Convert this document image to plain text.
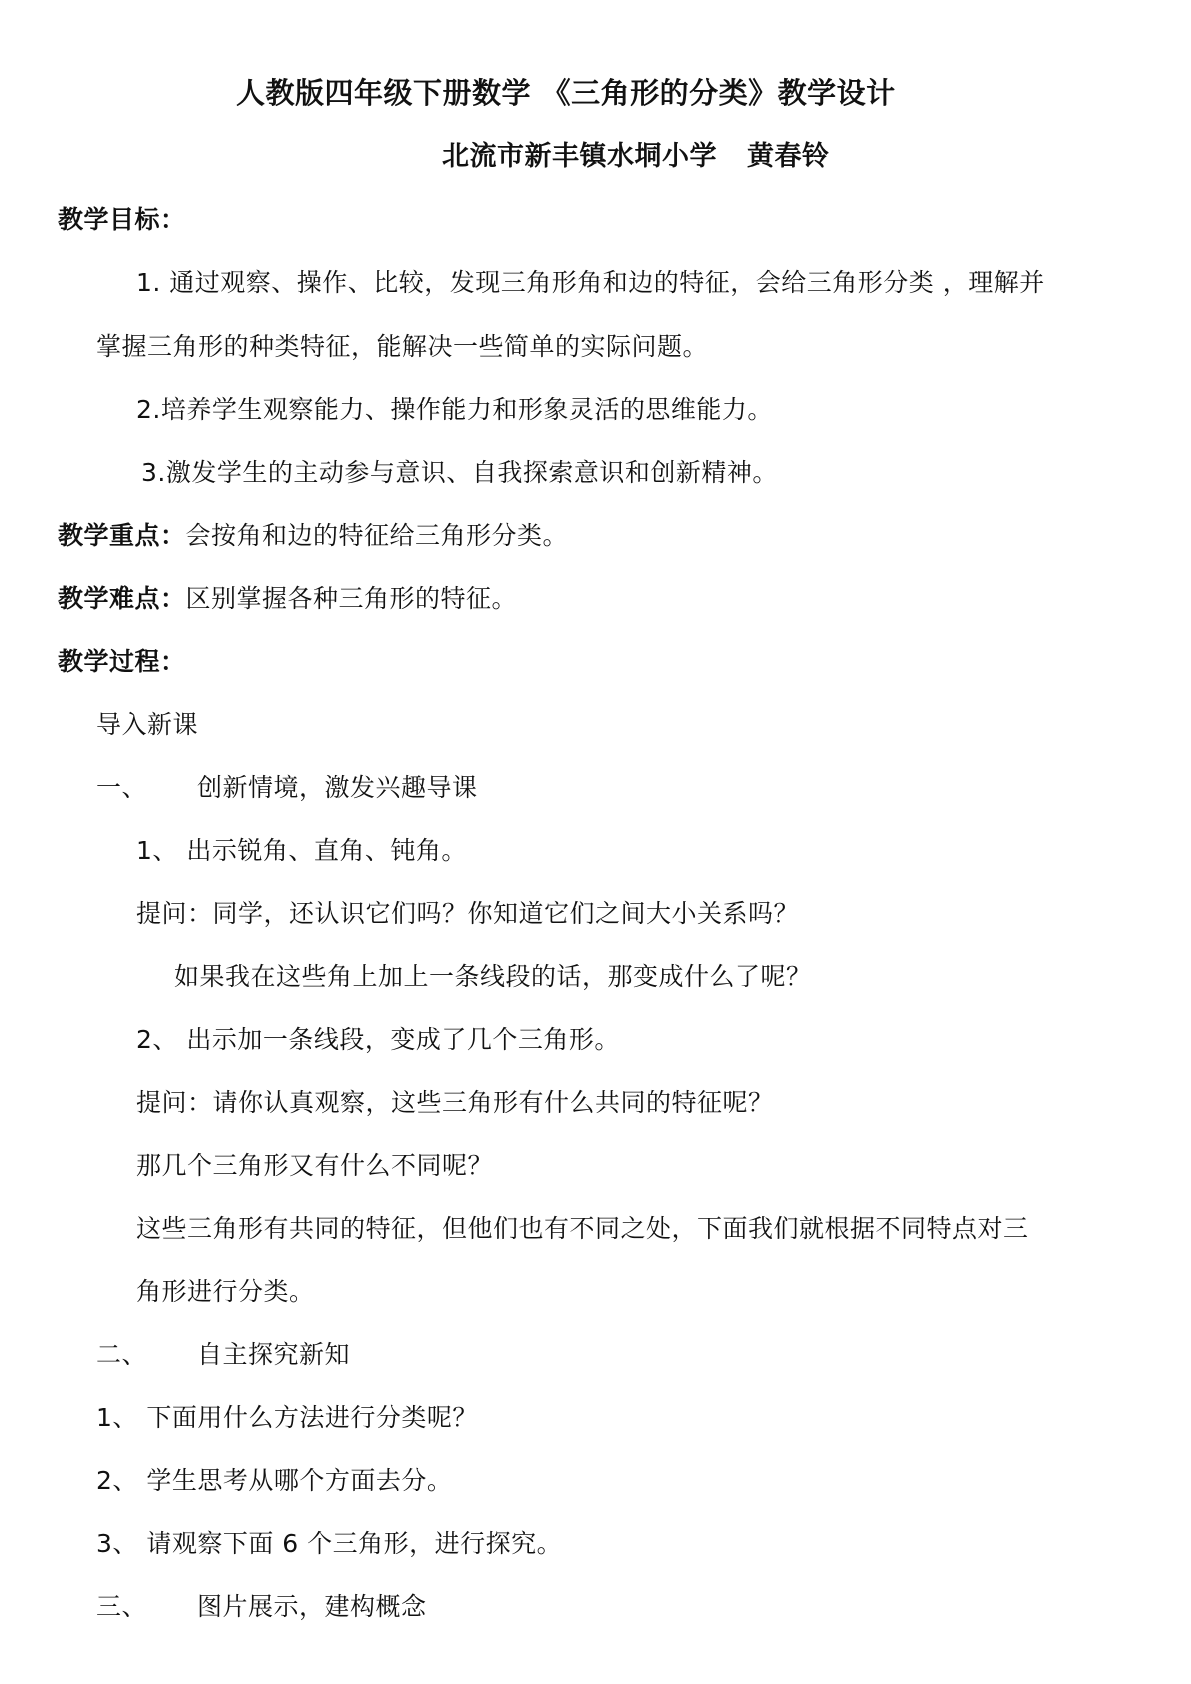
人教版四年级下册数学 《三角形的分类》教学设计
北流市新丰镇水垌小学 黄春铃
教学目标：
1. 通过观察、操作、比较，发现三角形角和边的特征，会给三角形分类 ，理解并
掌握三角形的种类特征，能解决一些简单的实际问题。
2.培养学生观察能力、操作能力和形象灵活的思维能力。
3.激发学生的主动参与意识、自我探索意识和创新精神。
教学重点：会按角和边的特征给三角形分类。
教学难点：区别掌握各种三角形的特征。
教学过程：
导入新课
一、 创新情境，激发兴趣导课
1、 出示锐角、直角、钝角。
提问：同学，还认识它们吗？你知道它们之间大小关系吗？
如果我在这些角上加上一条线段的话，那变成什么了呢？
2、 出示加一条线段，变成了几个三角形。
提问：请你认真观察，这些三角形有什么共同的特征呢？
那几个三角形又有什么不同呢？
这些三角形有共同的特征，但他们也有不同之处，下面我们就根据不同特点对三
角形进行分类。
二、 自主探究新知
1、 下面用什么方法进行分类呢？
2、 学生思考从哪个方面去分。
3、 请观察下面 6 个三角形，进行探究。
三、 图片展示，建构概念
